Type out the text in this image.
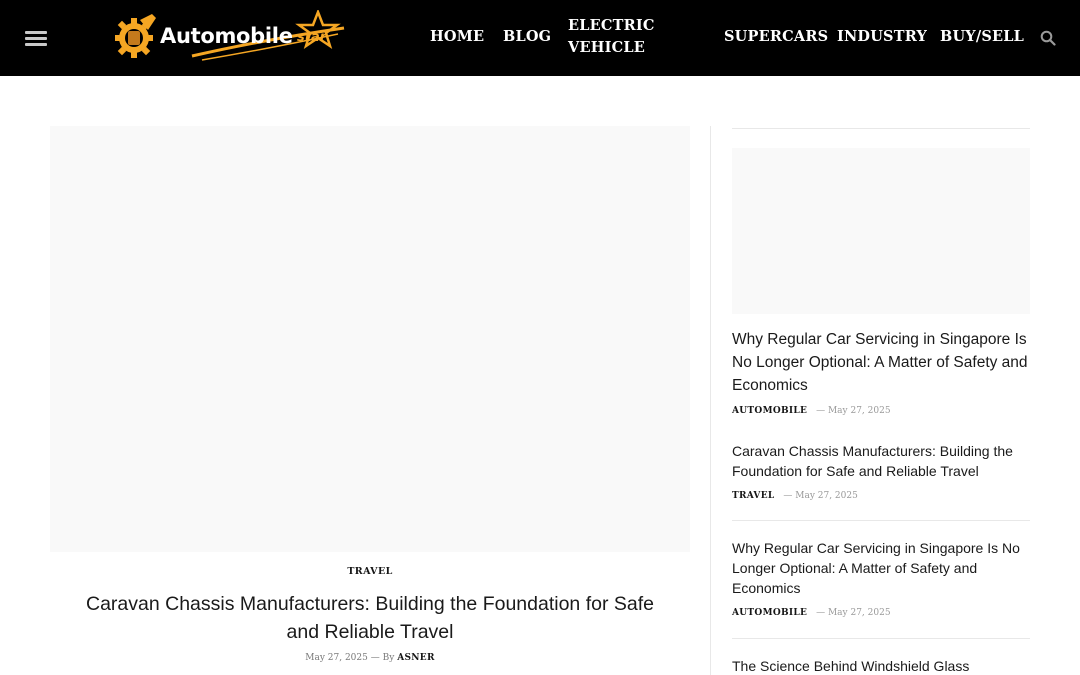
Automobile star	HOME BLOG
ELECTRIC
VEHICLE
SUPERCARS INDUSTRY BUY/SELL
TRAVEL
Caravan Chassis Manufacturers: Building the Foundation for Safe and Reliable Travel
May 27, 2025 — By ASNER
Why Regular Car Servicing in Singapore Is No Longer Optional: A Matter of Safety and Economics
AUTOMOBILE — May 27, 2025
Caravan Chassis Manufacturers: Building the Foundation for Safe and Reliable Travel
TRAVEL — May 27, 2025
Why Regular Car Servicing in Singapore Is No Longer Optional: A Matter of Safety and Economics
AUTOMOBILE — May 27, 2025
The Science Behind Windshield Glass
